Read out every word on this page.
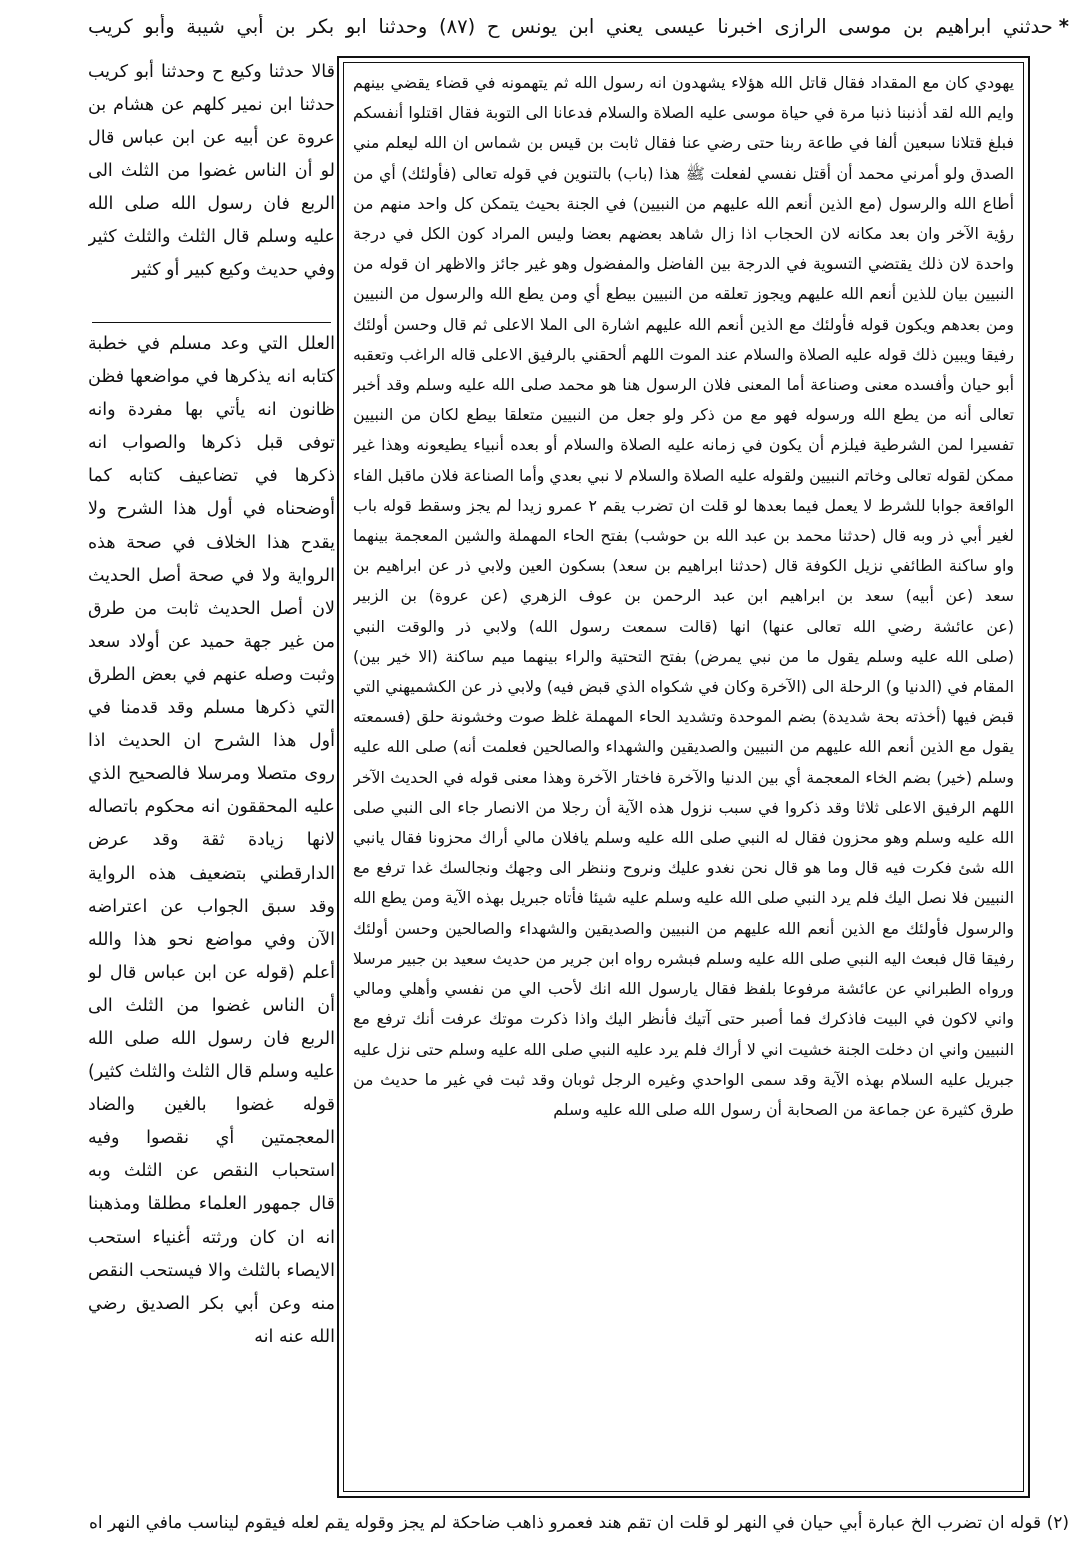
*حدثني ابراهيم بن موسى الرازى اخبرنا عيسى يعني ابن يونس ح (٨٧) وحدثنا ابو بكر بن أبي شيبة وأبو كريب
يهودي كان مع المقداد فقال قاتل الله هؤلاء يشهدون انه رسول الله ثم يتهمونه في قضاء يقضي بينهم وايم الله لقد أذنبنا ذنبا مرة في حياة موسى عليه الصلاة والسلام فدعانا الى التوبة فقال اقتلوا أنفسكم فبلغ قتلانا سبعين ألفا في طاعة ربنا حتى رضي عنا فقال ثابت بن قيس بن شماس ان الله ليعلم مني الصدق ولو أمرني محمد أن أقتل نفسي لفعلت ﷺ هذا (باب) بالتنوين في قوله تعالى (فأولئك) أي من أطاع الله والرسول (مع الذين أنعم الله عليهم من النبيين) في الجنة بحيث يتمكن كل واحد منهم من رؤية الآخر وان بعد مكانه لان الحجاب اذا زال شاهد بعضهم بعضا وليس المراد كون الكل في درجة واحدة لان ذلك يقتضي التسوية في الدرجة بين الفاضل والمفضول وهو غير جائز والاظهر ان قوله من النبيين بيان للذين أنعم الله عليهم ويجوز تعلقه من النبيين بيطع أي ومن يطع الله والرسول من النبيين ومن بعدهم ويكون قوله فأولئك مع الذين أنعم الله عليهم اشارة الى الملا الاعلى ثم قال وحسن أولئك رفيقا ويبين ذلك قوله عليه الصلاة والسلام عند الموت اللهم ألحقني بالرفيق الاعلى قاله الراغب وتعقبه أبو حيان وأفسده معنى وصناعة أما المعنى فلان الرسول هنا هو محمد صلى الله عليه وسلم وقد أخبر تعالى أنه من يطع الله ورسوله فهو مع من ذكر ولو جعل من النبيين متعلقا بيطع لكان من النبيين تفسيرا لمن الشرطية فيلزم أن يكون في زمانه عليه الصلاة والسلام أو بعده أنبياء يطيعونه وهذا غير ممكن لقوله تعالى وخاتم النبيين ولقوله عليه الصلاة والسلام لا نبي بعدي وأما الصناعة فلان ماقبل الفاء الواقعة جوابا للشرط لا يعمل فيما بعدها لو قلت ان تضرب يقم ٢ عمرو زيدا لم يجز وسقط قوله باب لغير أبي ذر وبه قال (حدثنا محمد بن عبد الله بن حوشب) بفتح الحاء المهملة والشين المعجمة بينهما واو ساكنة الطائفي نزيل الكوفة قال (حدثنا ابراهيم بن سعد) بسكون العين ولابي ذر عن ابراهيم بن سعد (عن أبيه) سعد بن ابراهيم ابن عبد الرحمن بن عوف الزهري (عن عروة) بن الزبير (عن عائشة رضي الله تعالى عنها) انها (قالت سمعت رسول الله) ولابي ذر والوقت النبي (صلى الله عليه وسلم يقول ما من نبي يمرض) بفتح التحتية والراء بينهما ميم ساكنة (الا خير بين) المقام في (الدنيا و) الرحلة الى (الآخرة وكان في شكواه الذي قبض فيه) ولابي ذر عن الكشميهني التي قبض فيها (أخذته بحة شديدة) بضم الموحدة وتشديد الحاء المهملة غلظ صوت وخشونة حلق (فسمعته يقول مع الذين أنعم الله عليهم من النبيين والصديقين والشهداء والصالحين فعلمت أنه) صلى الله عليه وسلم (خير) بضم الخاء المعجمة أي بين الدنيا والآخرة فاختار الآخرة وهذا معنى قوله في الحديث الآخر اللهم الرفيق الاعلى ثلاثا وقد ذكروا في سبب نزول هذه الآية أن رجلا من الانصار جاء الى النبي صلى الله عليه وسلم وهو محزون فقال له النبي صلى الله عليه وسلم يافلان مالي أراك محزونا فقال يانبي الله شئ فكرت فيه قال وما هو قال نحن نغدو عليك ونروح وننظر الى وجهك ونجالسك غدا ترفع مع النبيين فلا نصل اليك فلم يرد النبي صلى الله عليه وسلم عليه شيئا فأتاه جبريل بهذه الآية ومن يطع الله والرسول فأولئك مع الذين أنعم الله عليهم من النبيين والصديقين والشهداء والصالحين وحسن أولئك رفيقا قال فبعث اليه النبي صلى الله عليه وسلم فبشره رواه ابن جرير من حديث سعيد بن جبير مرسلا ورواه الطبراني عن عائشة مرفوعا بلفظ فقال يارسول الله انك لأحب الي من نفسي وأهلي ومالي واني لاكون في البيت فاذكرك فما أصبر حتى آتيك فأنظر اليك واذا ذكرت موتك عرفت أنك ترفع مع النبيين واني ان دخلت الجنة خشيت اني لا أراك فلم يرد عليه النبي صلى الله عليه وسلم حتى نزل عليه جبريل عليه السلام بهذه الآية وقد سمى الواحدي وغيره الرجل ثوبان وقد ثبت في غير ما حديث من طرق كثيرة عن جماعة من الصحابة أن رسول الله صلى الله عليه وسلم
قالا حدثنا وكيع ح وحدثنا أبو كريب حدثنا ابن نمير كلهم عن هشام بن عروة عن أبيه عن ابن عباس قال لو أن الناس غضوا من الثلث الى الربع فان رسول الله صلى الله عليه وسلم قال الثلث والثلث كثير وفي حديث وكيع كبير أو كثير
العلل التي وعد مسلم في خطبة كتابه انه يذكرها في مواضعها فظن ظانون انه يأتي بها مفردة وانه توفى قبل ذكرها والصواب انه ذكرها في تضاعيف كتابه كما أوضحناه في أول هذا الشرح ولا يقدح هذا الخلاف في صحة هذه الرواية ولا في صحة أصل الحديث لان أصل الحديث ثابت من طرق من غير جهة حميد عن أولاد سعد وثبت وصله عنهم في بعض الطرق التي ذكرها مسلم وقد قدمنا في أول هذا الشرح ان الحديث اذا روى متصلا ومرسلا فالصحيح الذي عليه المحققون انه محكوم باتصاله لانها زيادة ثقة وقد عرض الدارقطني بتضعيف هذه الرواية وقد سبق الجواب عن اعتراضه الآن وفي مواضع نحو هذا والله أعلم (قوله عن ابن عباس قال لو أن الناس غضوا من الثلث الى الربع فان رسول الله صلى الله عليه وسلم قال الثلث والثلث كثير) قوله غضوا بالغين والضاد المعجمتين أي نقصوا وفيه استحباب النقص عن الثلث وبه قال جمهور العلماء مطلقا ومذهبنا انه ان كان ورثته أغنياء استحب الايصاء بالثلث والا فيستحب النقص منه وعن أبي بكر الصديق رضي الله عنه انه
(٢) قوله ان تضرب الخ عبارة أبي حيان في النهر لو قلت ان تقم هند فعمرو ذاهب ضاحكة لم يجز وقوله يقم لعله فيقوم ليناسب مافي النهر اه
